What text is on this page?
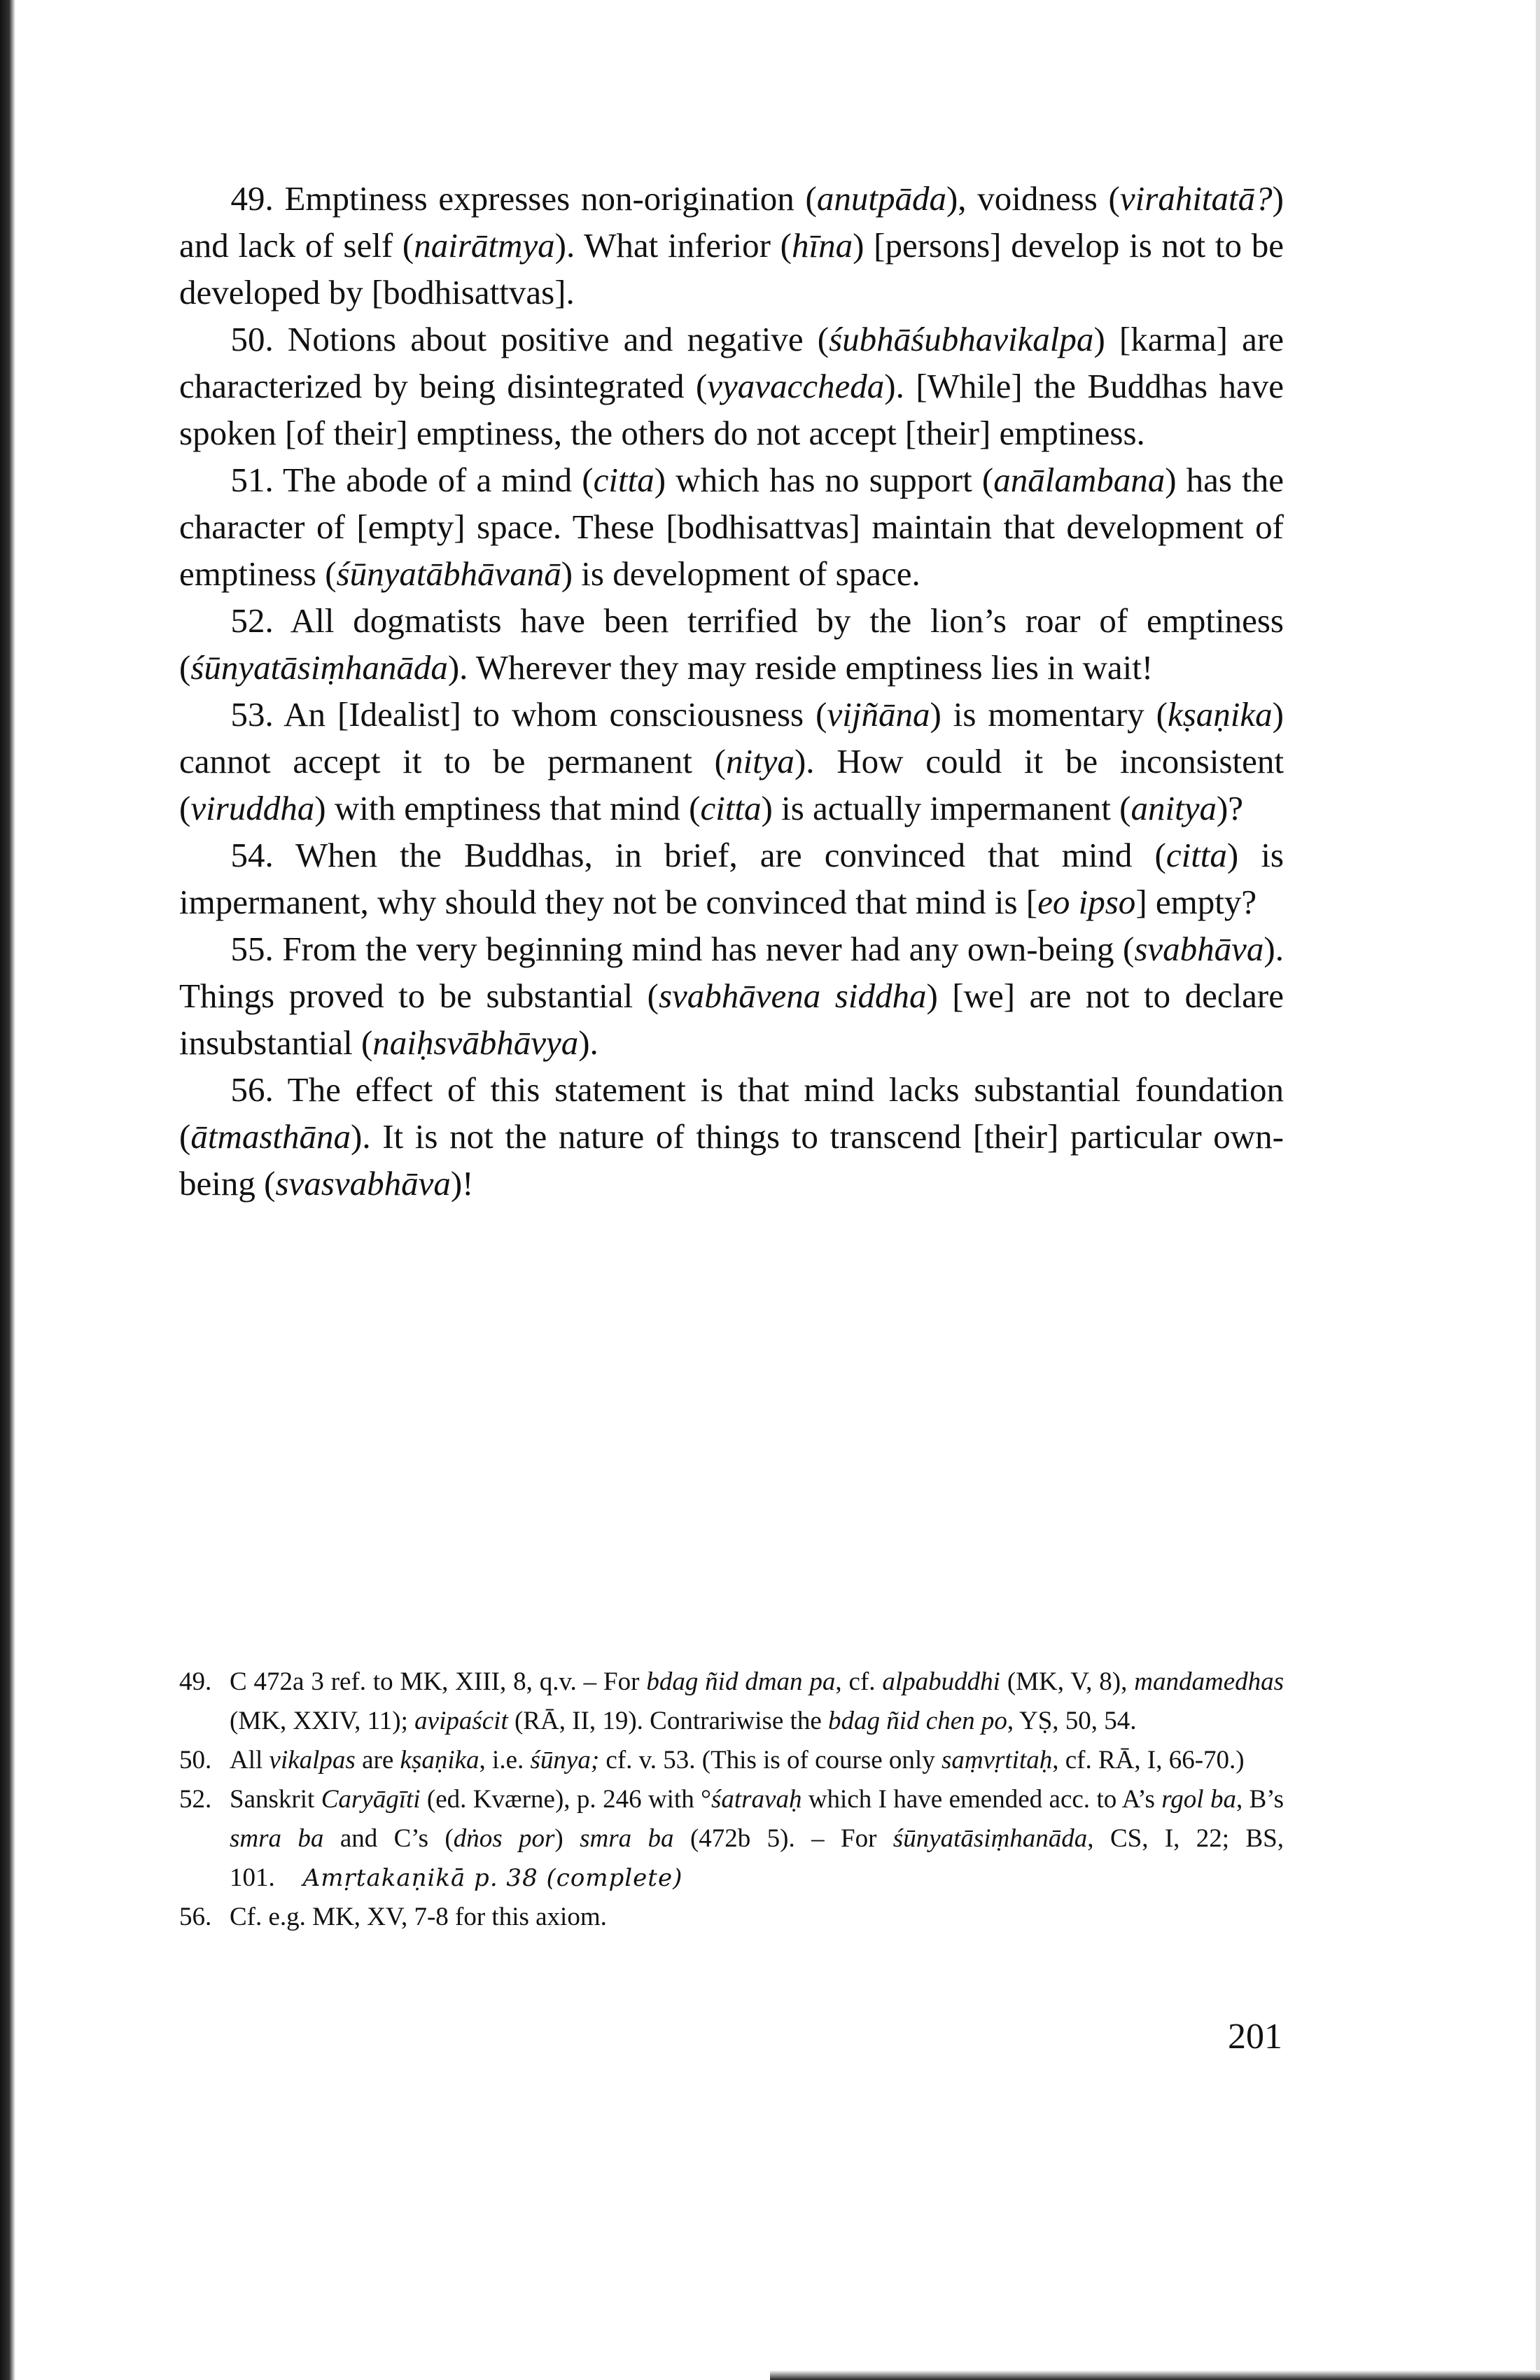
49. Emptiness expresses non-origination (anutpāda), voidness (virahitatā?) and lack of self (nairātmya). What inferior (hīna) [persons] develop is not to be developed by [bodhisattvas].

50. Notions about positive and negative (śubhāśubhavikalpa) [karma] are characterized by being disintegrated (vyavaccheda). [While] the Buddhas have spoken [of their] emptiness, the others do not accept [their] emptiness.

51. The abode of a mind (citta) which has no support (anālambana) has the character of [empty] space. These [bodhisattvas] maintain that development of emptiness (śūnyatābhāvanā) is development of space.

52. All dogmatists have been terrified by the lion’s roar of emptiness (śūnyatāsiṃhanāda). Wherever they may reside emptiness lies in wait!

53. An [Idealist] to whom consciousness (vijñāna) is momentary (kṣaṇika) cannot accept it to be permanent (nitya). How could it be inconsistent (viruddha) with emptiness that mind (citta) is actually impermanent (anitya)?

54. When the Buddhas, in brief, are convinced that mind (citta) is impermanent, why should they not be convinced that mind is [eo ipso] empty?

55. From the very beginning mind has never had any own-being (svabhāva). Things proved to be substantial (svabhāvena siddha) [we] are not to declare insubstantial (naiḥsvābhāvya).

56. The effect of this statement is that mind lacks substantial foundation (ātmasthāna). It is not the nature of things to transcend [their] particular own-being (svasvabhāva)!

49. C 472a 3 ref. to MK, XIII, 8, q.v. – For bdag ñid dman pa, cf. alpabuddhi (MK, V, 8), mandamedhas (MK, XXIV, 11); avipaścit (RĀ, II, 19). Contrariwise the bdag ñid chen po, YṢ, 50, 54.

50. All vikalpas are kṣaṇika, i.e. śūnya; cf. v. 53. (This is of course only saṃvṛtitaḥ, cf. RĀ, I, 66-70.)

52. Sanskrit Caryāgīti (ed. Kværne), p. 246 with °śatravaḥ which I have emended acc. to A’s rgol ba, B’s smra ba and C’s (dṅos por) smra ba (472b 5). – For śūnyatāsiṃhanāda, CS, I, 22; BS, 101. Amṛtakaṇikā p. 38 (complete)

56. Cf. e.g. MK, XV, 7-8 for this axiom.

201
